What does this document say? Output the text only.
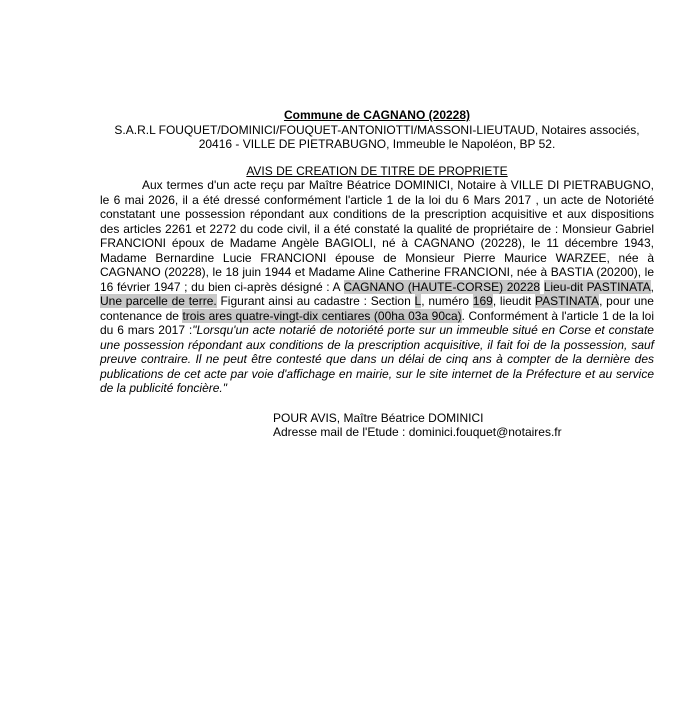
Commune de CAGNANO (20228)
S.A.R.L FOUQUET/DOMINICI/FOUQUET-ANTONIOTTI/MASSONI-LIEUTAUD, Notaires associés,
20416 - VILLE DE PIETRABUGNO, Immeuble le Napoléon, BP 52.
AVIS DE CREATION DE TITRE DE PROPRIETE
Aux termes d'un acte reçu par Maître Béatrice DOMINICI, Notaire à VILLE DI PIETRABUGNO, le 6 mai 2026, il a été dressé conformément l'article 1 de la loi du 6 Mars 2017 , un acte de Notoriété constatant une possession répondant aux conditions de la prescription acquisitive et aux dispositions des articles 2261 et 2272 du code civil, il a été constaté la qualité de propriétaire de : Monsieur Gabriel FRANCIONI époux de Madame Angèle BAGIOLI, né à CAGNANO (20228), le 11 décembre 1943, Madame Bernardine Lucie FRANCIONI épouse de Monsieur Pierre Maurice WARZEE, née à CAGNANO (20228), le 18 juin 1944 et Madame Aline Catherine FRANCIONI, née à BASTIA (20200), le 16 février 1947 ; du bien ci-après désigné : A CAGNANO (HAUTE-CORSE) 20228 Lieu-dit PASTINATA, Une parcelle de terre. Figurant ainsi au cadastre : Section L, numéro 169, lieudit PASTINATA, pour une contenance de trois ares quatre-vingt-dix centiares (00ha 03a 90ca). Conformément à l'article 1 de la loi du 6 mars 2017 :"Lorsqu'un acte notarié de notoriété porte sur un immeuble situé en Corse et constate une possession répondant aux conditions de la prescription acquisitive, il fait foi de la possession, sauf preuve contraire. Il ne peut être contesté que dans un délai de cinq ans à compter de la dernière des publications de cet acte par voie d'affichage en mairie, sur le site internet de la Préfecture et au service de la publicité foncière."
POUR AVIS, Maître Béatrice DOMINICI
Adresse mail de l'Etude : dominici.fouquet@notaires.fr
